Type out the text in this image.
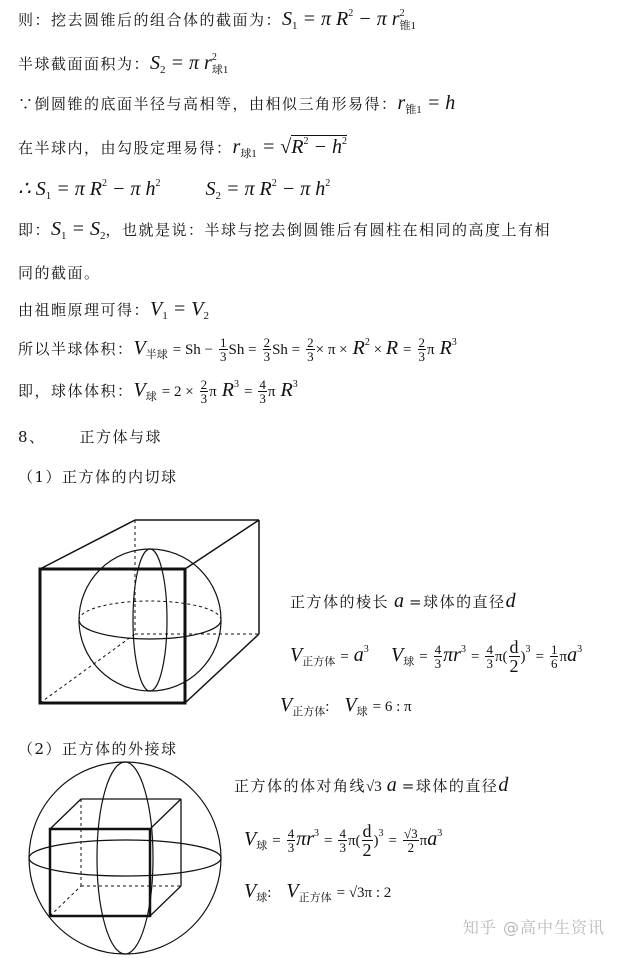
则：挖去圆锥后的组合体的截面为：$S_1 = \pi$ $R^2 - \pi$ $r^2_{锥1}$
半球截面面积为：$S_2 = \pi$ $r^2_{球1}$
∵倒圆锥的底面半径与高相等，由相似三角形易得：$r_{锥1} = h$
在半球内，由勾股定理易得：$r_{球1} = √R^2 - h^2$
∴ $S_1 = \pi$ $R^2 - \pi$ $h^2$         $S_2 = \pi$ $R^2 - \pi$ $h^2$
即：$S_1 = S_2$，也就是说：半球与挖去倒圆锥后有圆柱在相同的高度上有相
同的截面。
由祖暅原理可得：$V_1 = V_2$
所以半球体积：$V_{半球} = Sh - \frac{1}{3}$ $Sh = \frac{2}{3}$ $Sh = \frac{2}{3} \times \pi \times R^2 \times R = \frac{2}{3}$ π $R^3$
即，球体体积：$V_球 = 2 \times \frac{2}{3}$ π $R^3 = \frac{4}{3}$ π $R^3$
8、 正方体与球
（1）正方体的内切球
正方体的棱长 a =球体的直径d
$V_{正方体} = a^3$ $V_球 = \frac{4}{3} \pi r^3 = \frac{4}{3} \pi( \frac{d}{2} )^3 = \frac{1}{6} \pi a^3$
$V_{正方体}$:   $V_球 = 6$ : π
（2）正方体的外接球
正方体的体对角线√3 a =球体的直径d
$V_球 = \frac{4}{3} \pi r^3 = \frac{4}{3} \pi( \frac{d}{2} )^3 = \frac{√3}{2} \pi a^3$
$V_球$:   $V_{正方体} = √3\pi$ : 2
知乎 @高中生资讯
